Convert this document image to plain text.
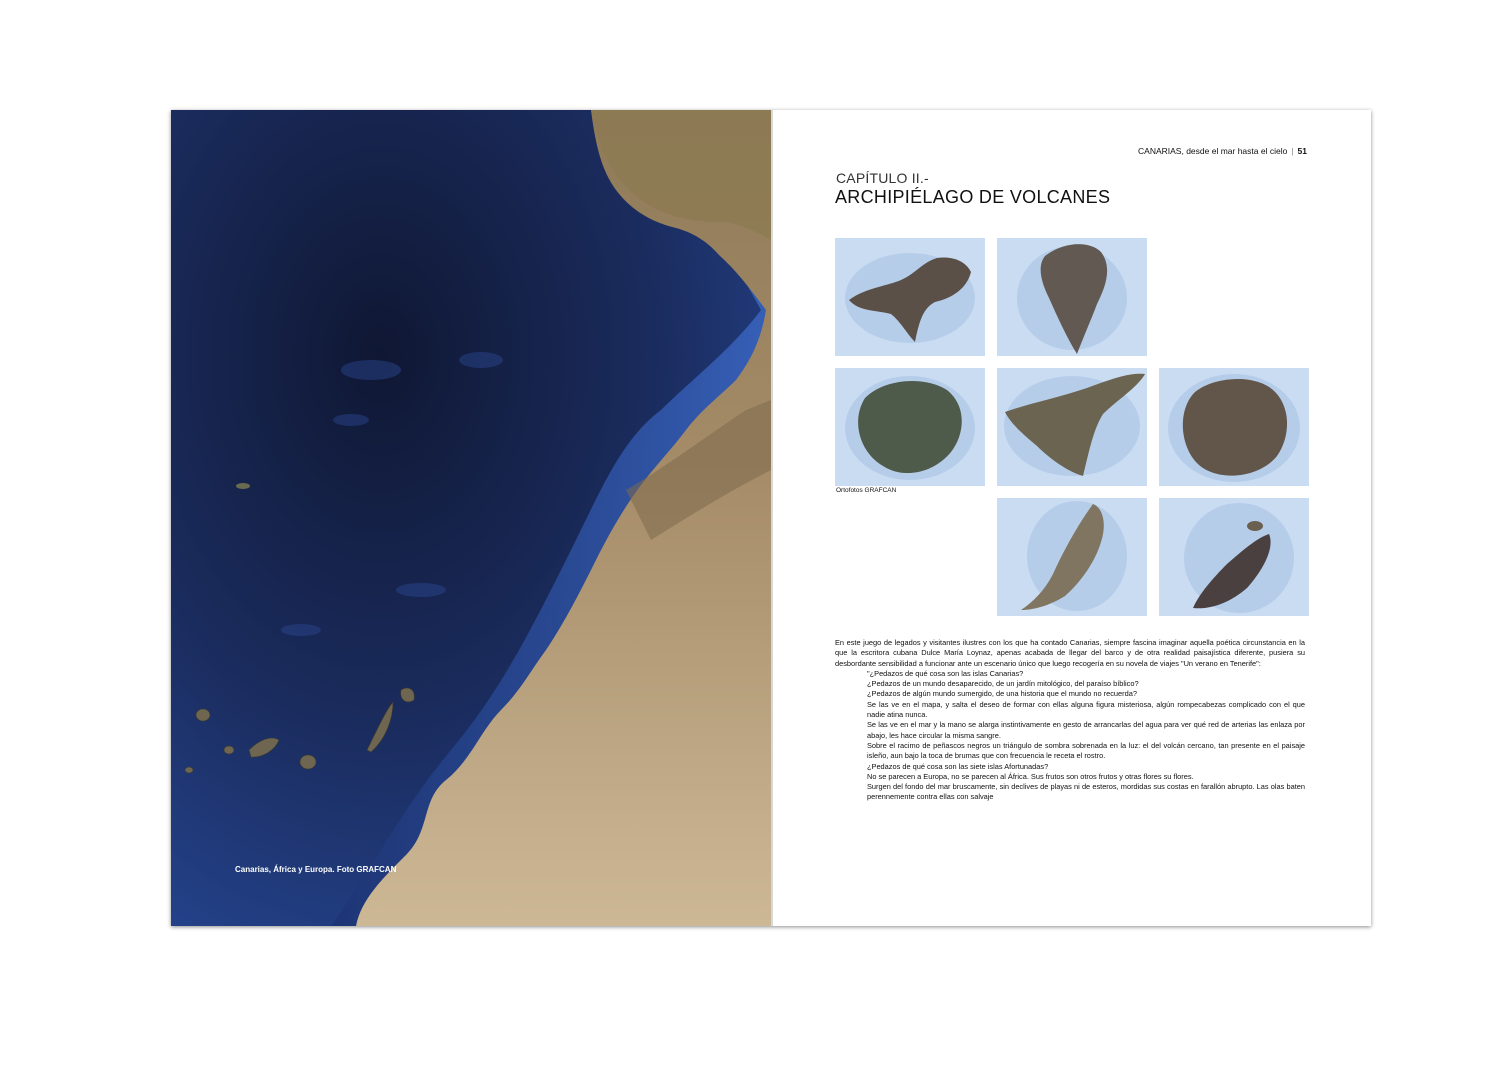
Canarias, África y Europa. Foto GRAFCAN
CANARIAS, desde el mar hasta el cielo | 51
CAPÍTULO II.-
ARCHIPIÉLAGO DE VOLCANES
Ortofotos GRAFCAN

En este juego de legados y visitantes ilustres con los que ha contado Canarias, siempre fascina imaginar aquella poética circunstancia en la que la escritora cubana Dulce María Loynaz, apenas acabada de llegar del barco y de otra realidad paisajística diferente, pusiera su desbordante sensibilidad a funcionar ante un escenario único que luego recogería en su novela de viajes "Un verano en Tenerife":

"¿Pedazos de qué cosa son las islas Canarias?

¿Pedazos de un mundo desaparecido, de un jardín mitológico, del paraíso bíblico?

¿Pedazos de algún mundo sumergido, de una historia que el mundo no recuerda?

Se las ve en el mapa, y salta el deseo de formar con ellas alguna figura misteriosa, algún rompecabezas complicado con el que nadie atina nunca.

Se las ve en el mar y la mano se alarga instintivamente en gesto de arrancarlas del agua para ver qué red de arterias las enlaza por abajo, les hace circular la misma sangre.

Sobre el racimo de peñascos negros un triángulo de sombra sobrenada en la luz: el del volcán cercano, tan presente en el paisaje isleño, aun bajo la toca de brumas que con frecuencia le receta el rostro.

¿Pedazos de qué cosa son las siete islas Afortunadas?

No se parecen a Europa, no se parecen al África. Sus frutos son otros frutos y otras flores su flores.

Surgen del fondo del mar bruscamente, sin declives de playas ni de esteros, mordidas sus costas en farallón abrupto. Las olas baten perennemente contra ellas con salvaje
